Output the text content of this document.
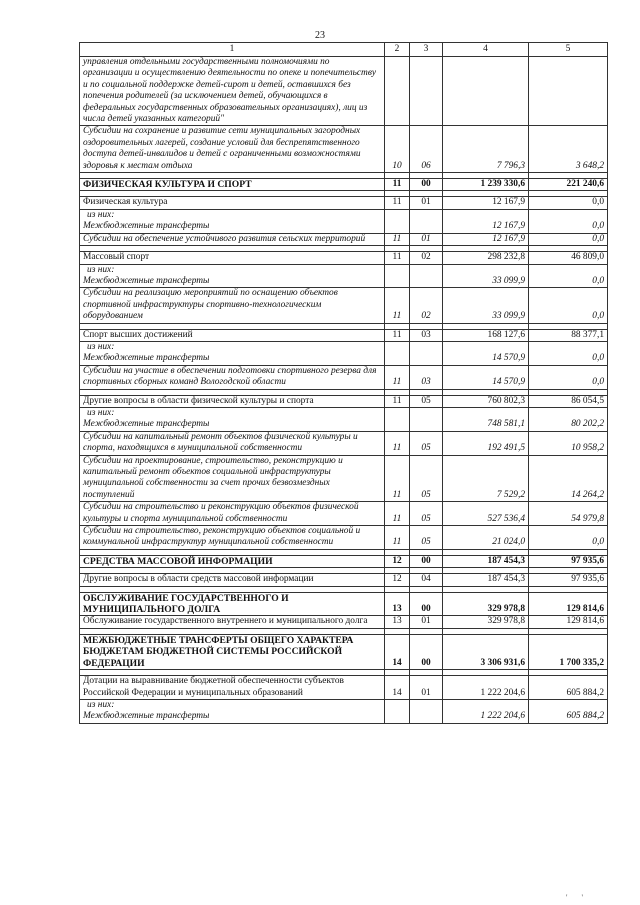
23
1	2	3	4	5
управления отдельными государственными полномочиями по организации и осуществлению деятельности по опеке и попечительству и по социальной поддержке детей-сирот и детей, оставшихся без попечения родителей (за исключением детей, обучающихся в федеральных государственных образовательных организациях), лиц из числа детей указанных категорий"				
Субсидии на сохранение и развитие сети муниципальных загородных оздоровительных лагерей, создание условий для беспрепятственного доступа детей-инвалидов и детей с ограниченными возможностями здоровья к местам отдыха	10	06	7 796,3	3 648,2

ФИЗИЧЕСКАЯ КУЛЬТУРА И СПОРТ	11	00	1 239 330,6	221 240,6

Физическая культура	11	01	12 167,9	0,0
из них:
Межбюджетные трансферты			12 167,9	0,0
Субсидии на обеспечение устойчивого развития сельских территорий	11	01	12 167,9	0,0

Массовый спорт	11	02	298 232,8	46 809,0
из них:
Межбюджетные трансферты			33 099,9	0,0
Субсидии на реализацию мероприятий по оснащению объектов спортивной инфраструктуры спортивно-технологическим оборудованием	11	02	33 099,9	0,0

Спорт высших достижений	11	03	168 127,6	88 377,1
из них:
Межбюджетные трансферты			14 570,9	0,0
Субсидии на участие в обеспечении подготовки спортивного резерва для спортивных сборных команд Вологодской области	11	03	14 570,9	0,0

Другие вопросы в области физической культуры и спорта	11	05	760 802,3	86 054,5
из них:
Межбюджетные трансферты			748 581,1	80 202,2
Субсидии на капитальный ремонт объектов физической культуры и спорта, находящихся в муниципальной собственности	11	05	192 491,5	10 958,2
Субсидии на проектирование, строительство, реконструкцию и капитальный ремонт объектов социальной инфраструктуры муниципальной собственности за счет прочих безвозмездных поступлений	11	05	7 529,2	14 264,2
Субсидии на строительство и реконструкцию объектов физической культуры и спорта муниципальной собственности	11	05	527 536,4	54 979,8
Субсидии на строительство, реконструкцию объектов социальной и коммунальной инфраструктур муниципальной собственности	11	05	21 024,0	0,0

СРЕДСТВА МАССОВОЙ ИНФОРМАЦИИ	12	00	187 454,3	97 935,6

Другие вопросы в области средств массовой информации	12	04	187 454,3	97 935,6

ОБСЛУЖИВАНИЕ ГОСУДАРСТВЕННОГО И МУНИЦИПАЛЬНОГО ДОЛГА	13	00	329 978,8	129 814,6
Обслуживание государственного внутреннего и муниципального долга	13	01	329 978,8	129 814,6

МЕЖБЮДЖЕТНЫЕ ТРАНСФЕРТЫ ОБЩЕГО ХАРАКТЕРА БЮДЖЕТАМ БЮДЖЕТНОЙ СИСТЕМЫ РОССИЙСКОЙ ФЕДЕРАЦИИ	14	00	3 306 931,6	1 700 335,2

Дотации на выравнивание бюджетной обеспеченности субъектов Российской Федерации и муниципальных образований	14	01	1 222 204,6	605 884,2
из них:
Межбюджетные трансферты			1 222 204,6	605 884,2
' '
